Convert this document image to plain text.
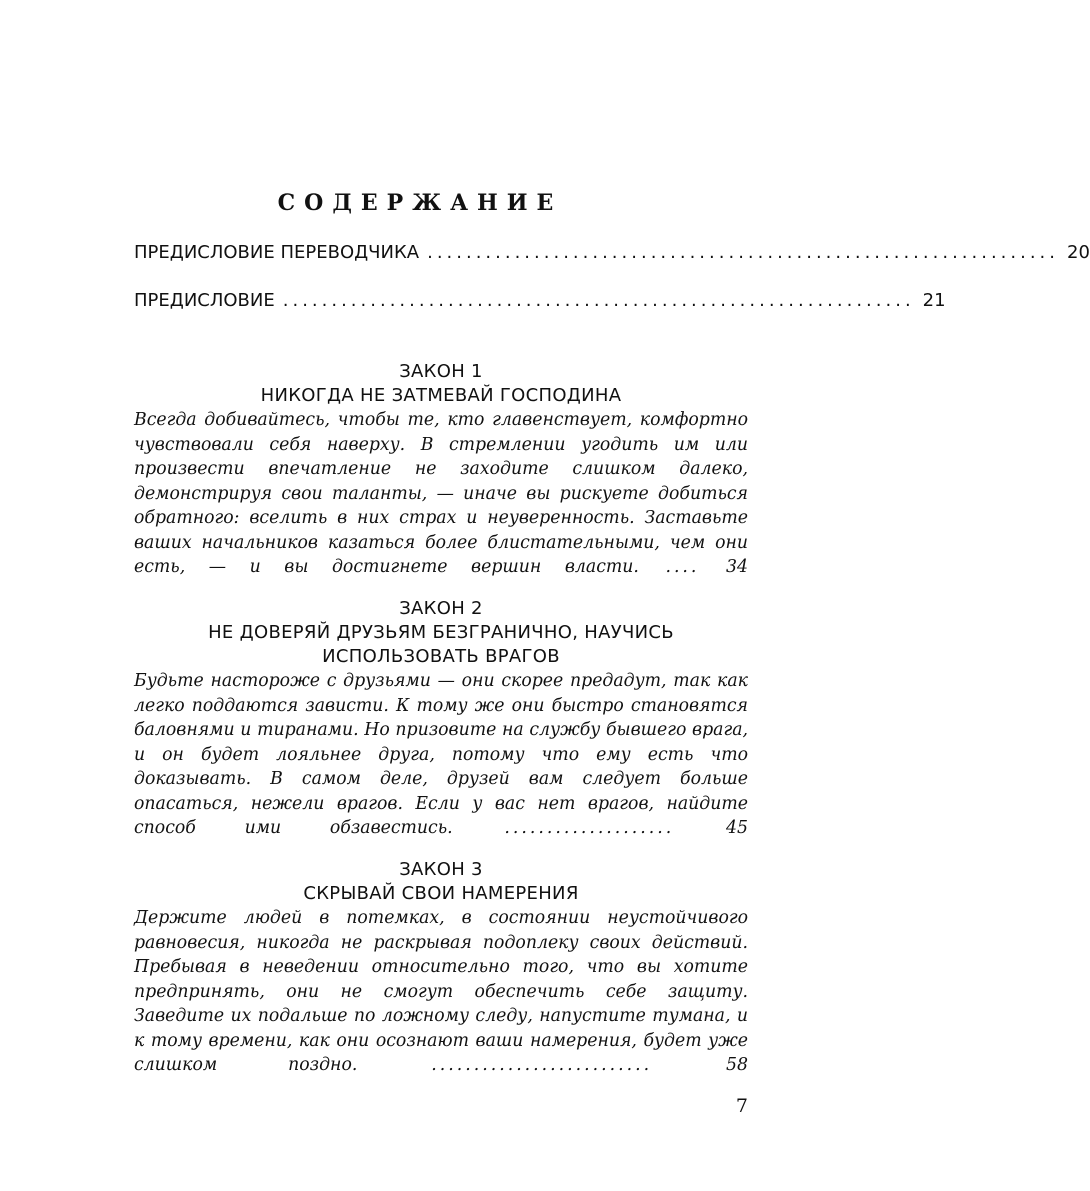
СОДЕРЖАНИЕ
ПРЕДИСЛОВИЕ ПЕРЕВОДЧИКА ................................................................. 20
ПРЕДИСЛОВИЕ ................................................................. 21
ЗАКОН 1
НИКОГДА НЕ ЗАТМЕВАЙ ГОСПОДИНА
Всегда добивайтесь, чтобы те, кто главенствует, комфортно чувствовали себя наверху. В стремлении угодить им или произвести впечатление не заходите слишком далеко, демонстрируя свои таланты, — иначе вы рискуете добиться обратного: вселить в них страх и неуверенность. Заставьте ваших начальников казаться более блистательными, чем они есть, — и вы достигнете вершин власти. .... 34
ЗАКОН 2
НЕ ДОВЕРЯЙ ДРУЗЬЯМ БЕЗГРАНИЧНО, НАУЧИСЬ
ИСПОЛЬЗОВАТЬ ВРАГОВ
Будьте настороже с друзьями — они скорее предадут, так как легко поддаются зависти. К тому же они быстро становятся баловнями и тиранами. Но призовите на службу бывшего врага, и он будет лояльнее друга, потому что ему есть что доказывать. В самом деле, друзей вам следует больше опасаться, нежели врагов. Если у вас нет врагов, найдите способ ими обзавестись. .................... 45
ЗАКОН 3
СКРЫВАЙ СВОИ НАМЕРЕНИЯ
Держите людей в потемках, в состоянии неустойчивого равновесия, никогда не раскрывая подоплеку своих действий. Пребывая в неведении относительно того, что вы хотите предпринять, они не смогут обеспечить себе защиту. Заведите их подальше по ложному следу, напустите тумана, и к тому времени, как они осознают ваши намерения, будет уже слишком поздно. .......................... 58
7
